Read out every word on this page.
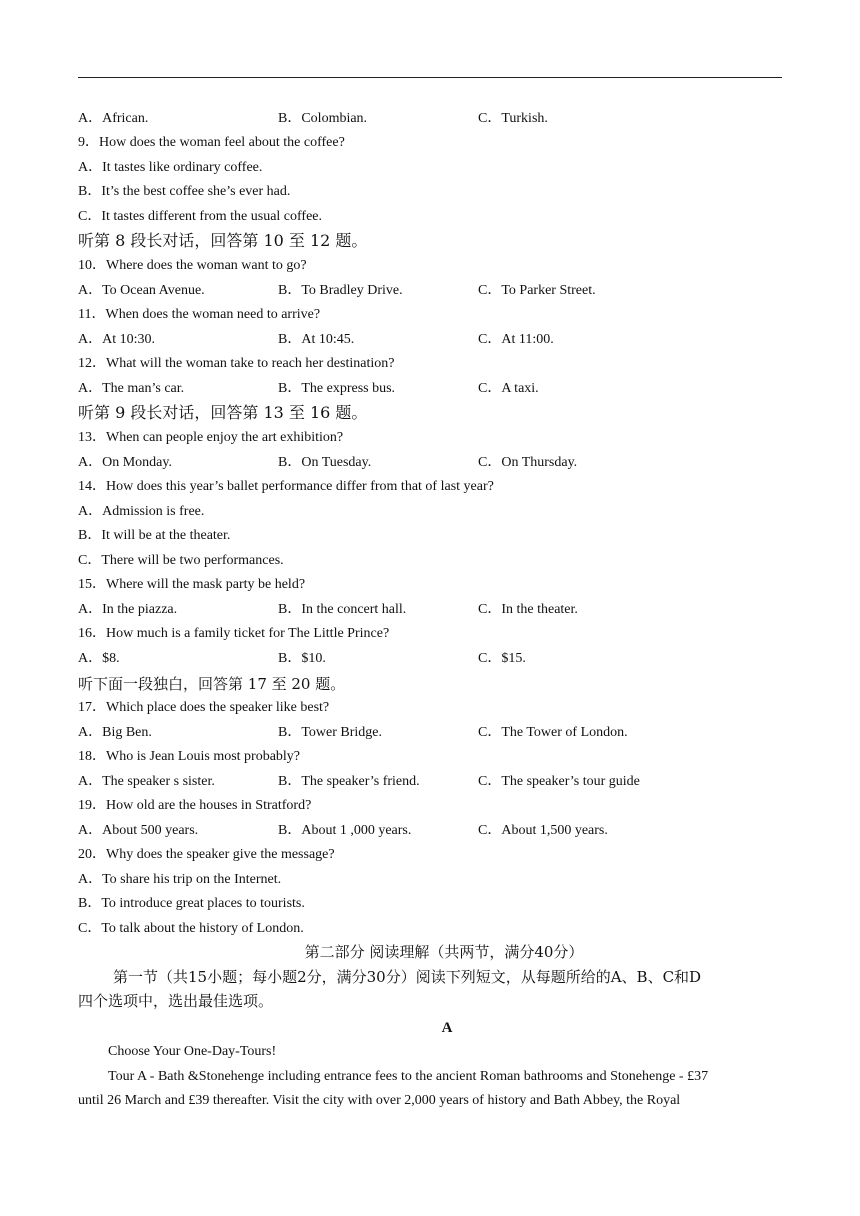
A．African.	B．Colombian.	C．Turkish.
9．How does the woman feel about the coffee?
A．It tastes like ordinary coffee.
B．It’s the best coffee she’s ever had.
C．It tastes different from the usual coffee.
听第 8 段长对话，回答第 10 至 12 题。
10．Where does the woman want to go?
A．To Ocean Avenue.	B．To Bradley Drive.	C．To Parker Street.
11．When does the woman need to arrive?
A．At 10:30.	B．At 10:45.	C．At 11:00.
12．What will the woman take to reach her destination?
A．The man’s car.	B．The express bus.	C．A taxi.
听第 9 段长对话，回答第 13 至 16 题。
13．When can people enjoy the art exhibition?
A．On Monday.	B．On Tuesday.	C．On Thursday.
14．How does this year’s ballet performance differ from that of last year?
A．Admission is free.
B．It will be at the theater.
C．There will be two performances.
15．Where will the mask party be held?
A．In the piazza.	B．In the concert hall.	C．In the theater.
16．How much is a family ticket for The Little Prince?
A．$8.	B．$10.	C．$15.
听下面一段独白，回答第 17 至 20 题。
17．Which place does the speaker like best?
A．Big Ben.	B．Tower Bridge.	C．The Tower of London.
18．Who is Jean Louis most probably?
A．The speaker s sister.	B．The speaker’s friend.	C．The speaker’s tour guide
19．How old are the houses in Stratford?
A．About 500 years.	B．About 1 ,000 years.	C．About 1,500 years.
20．Why does the speaker give the message?
A．To share his trip on the Internet.
B．To introduce great places to tourists.
C．To talk about the history of London.
第二部分 阅读理解（共两节，满分40分）
第一节（共15小题；每小题2分，满分30分）阅读下列短文，从每题所给的A、B、C和D
四个选项中，选出最佳选项。
A
Choose Your One-Day-Tours!
Tour A - Bath &Stonehenge including entrance fees to the ancient Roman bathrooms and Stonehenge - £37
until 26 March and £39 thereafter. Visit the city with over 2,000 years of history and Bath Abbey, the Royal
